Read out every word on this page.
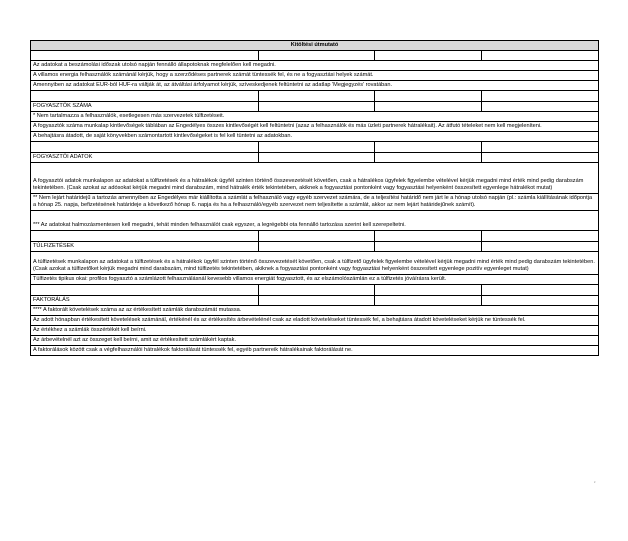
Kitöltési útmutató
Az adatokat a beszámolási időszak utolsó napján fennálló állapotoknak megfelelően kell megadni.
A villamos energia felhasználók számánál kérjük, hogy a szerződéses partnerek számát tüntessék fel, és ne a fogyasztási helyek számát.
Amennyiben az adatokat EUR-ból HUF-ra váltják át, az átváltási árfolyamot kérjük, szíveskedjenek feltüntetni az adatlap 'Megjegyzés' rovatában.
FOGYASZTÓK SZÁMA
* Nem tartalmazza a felhasználók, esetlegesen más szervezetek túlfizetéseit.
A fogyasztók száma munkalap kintlevőségek táblában az Engedélyes összes kintlevőségét kell feltüntetni (azaz a felhasználók és más üzleti partnerek hátralékait). Az átfutó tételeket nem kell megjeleníteni.
A behajtásra átadott, de saját könyvekben számontartott kintlevőségeket is fel kell tüntetni az adatokban.
FOGYASZTÓI ADATOK
A fogyasztói adatok munkalapon az adatokat a túlfizetések és a hátralékok ügyfél szinten történő összevezetését követően, csak a hátralékos ügyfelek figyelembe vételével kérjük megadni mind érték mind pedig darabszám tekintetében. (Csak azokat az adósokat kérjük megadni mind darabszám, mind hátralék érték tekintetében, akiknek a fogyasztási pontonként vagy fogyasztási helyenként összesített egyenlege hátralékot mutat)
** Nem lejárt határidejű a tartozás amennyiben az Engedélyes már kiállította a számlát a felhasználó vagy egyéb szervezet számára, de a teljesítési határidő nem járt le a hónap utolsó napján (pl.: számla kiállításának időpontja a hónap 25. napja, befizetésének határideje a következő hónap 6. napja és ha a felhasználó/egyéb szervezet nem teljesítette a számlát, akkor az nem lejárt határidejűnek számít).
*** Az adatokat halmozásmentesen kell megadni, tehát minden felhasználót csak egyszer, a legrégebbi ota fennálló tartozása szerint kell szerepeltetni.
TÚLFIZETÉSEK
A túlfizetések munkalapon az adatokat a túlfizetések és a hátralékok ügyfél szinten történő összevezetését követően, csak a túlfizető ügyfelek figyelembe vételével kérjük megadni mind érték mind pedig darabszám tekintetében. (Csak azokat a túlfizetőket kérjük megadni mind darabszám, mind túlfizetés tekintetében, akiknek a fogyasztási pontonként vagy fogyasztási helyenként összesített egyenlege pozitív egyenleget mutat)
Túlfizetés tipikus okai: profilos fogyasztó a számlázott felhasználásnál kevesebb villamos energiát fogyasztott, és az elszámolószámlán ez a túlfizetés jóváírásra került.
FAKTORÁLÁS
**** A faktorált követelések száma az az értékesített számlák darabszámát mutassa.
Az adott hónapban értékesített követelések számánál, értékénél és az értékesítés árbevételénél csak az eladott követeléseket tüntessék fel, a behajtásra átadott követeléseket kérjük ne tüntessék fel.
Az értékhez a számlák összértékét kell beírni.
Az árbevételnél azt az összeget kell beírni, amit az értékesített számlákért kaptak.
A faktorálások között csak a végfelhasználói hátralékok faktorálását tüntessék fel, egyéb partnereik hátralékainak faktorálását ne.
ir
